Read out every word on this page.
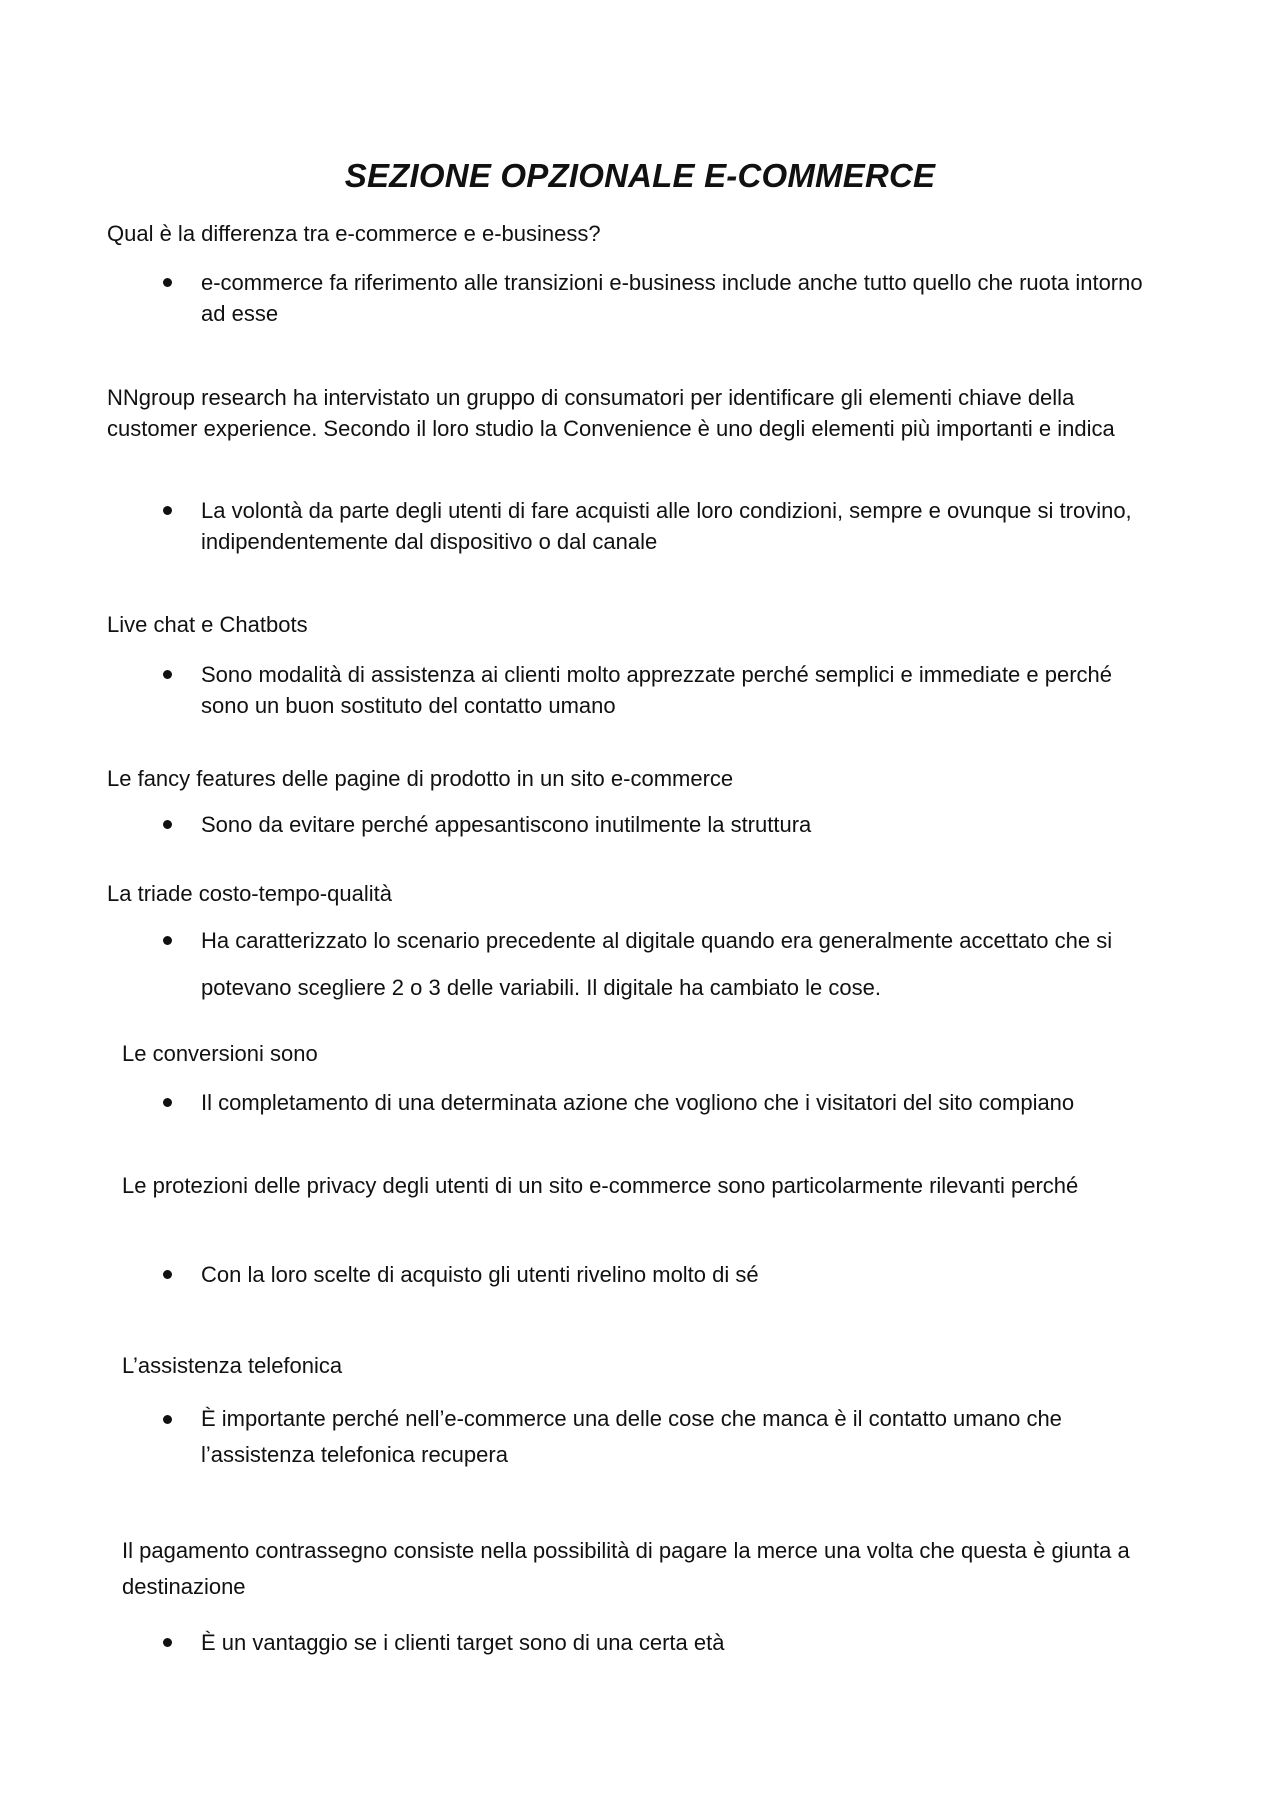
SEZIONE OPZIONALE E-COMMERCE
Qual è la differenza tra e-commerce e e-business?
e-commerce fa riferimento alle transizioni e-business include anche tutto quello che ruota intorno ad esse
NNgroup research ha intervistato un gruppo di consumatori per identificare gli elementi chiave della customer experience. Secondo il loro studio la Convenience è uno degli elementi più importanti e indica
La volontà da parte degli utenti di fare acquisti alle loro condizioni, sempre e ovunque si trovino, indipendentemente dal dispositivo o dal canale
Live chat e Chatbots
Sono modalità di assistenza ai clienti molto apprezzate perché semplici e immediate e perché sono un buon sostituto del contatto umano
Le fancy features delle pagine di prodotto in un sito e-commerce
Sono da evitare perché appesantiscono inutilmente la struttura
La triade costo-tempo-qualità
Ha caratterizzato lo scenario precedente al digitale quando era generalmente accettato che si potevano scegliere 2 o 3 delle variabili. Il digitale ha cambiato le cose.
Le conversioni sono
Il completamento di una determinata azione che vogliono che i visitatori del sito compiano
Le protezioni delle privacy degli utenti di un sito e-commerce sono particolarmente rilevanti perché
Con la loro scelte di acquisto gli utenti rivelino molto di sé
L’assistenza telefonica
È importante perché nell’e-commerce una delle cose che manca è il contatto umano che l’assistenza telefonica recupera
Il pagamento contrassegno consiste nella possibilità di pagare la merce una volta che questa è giunta a destinazione
È un vantaggio se i clienti target sono di una certa età
